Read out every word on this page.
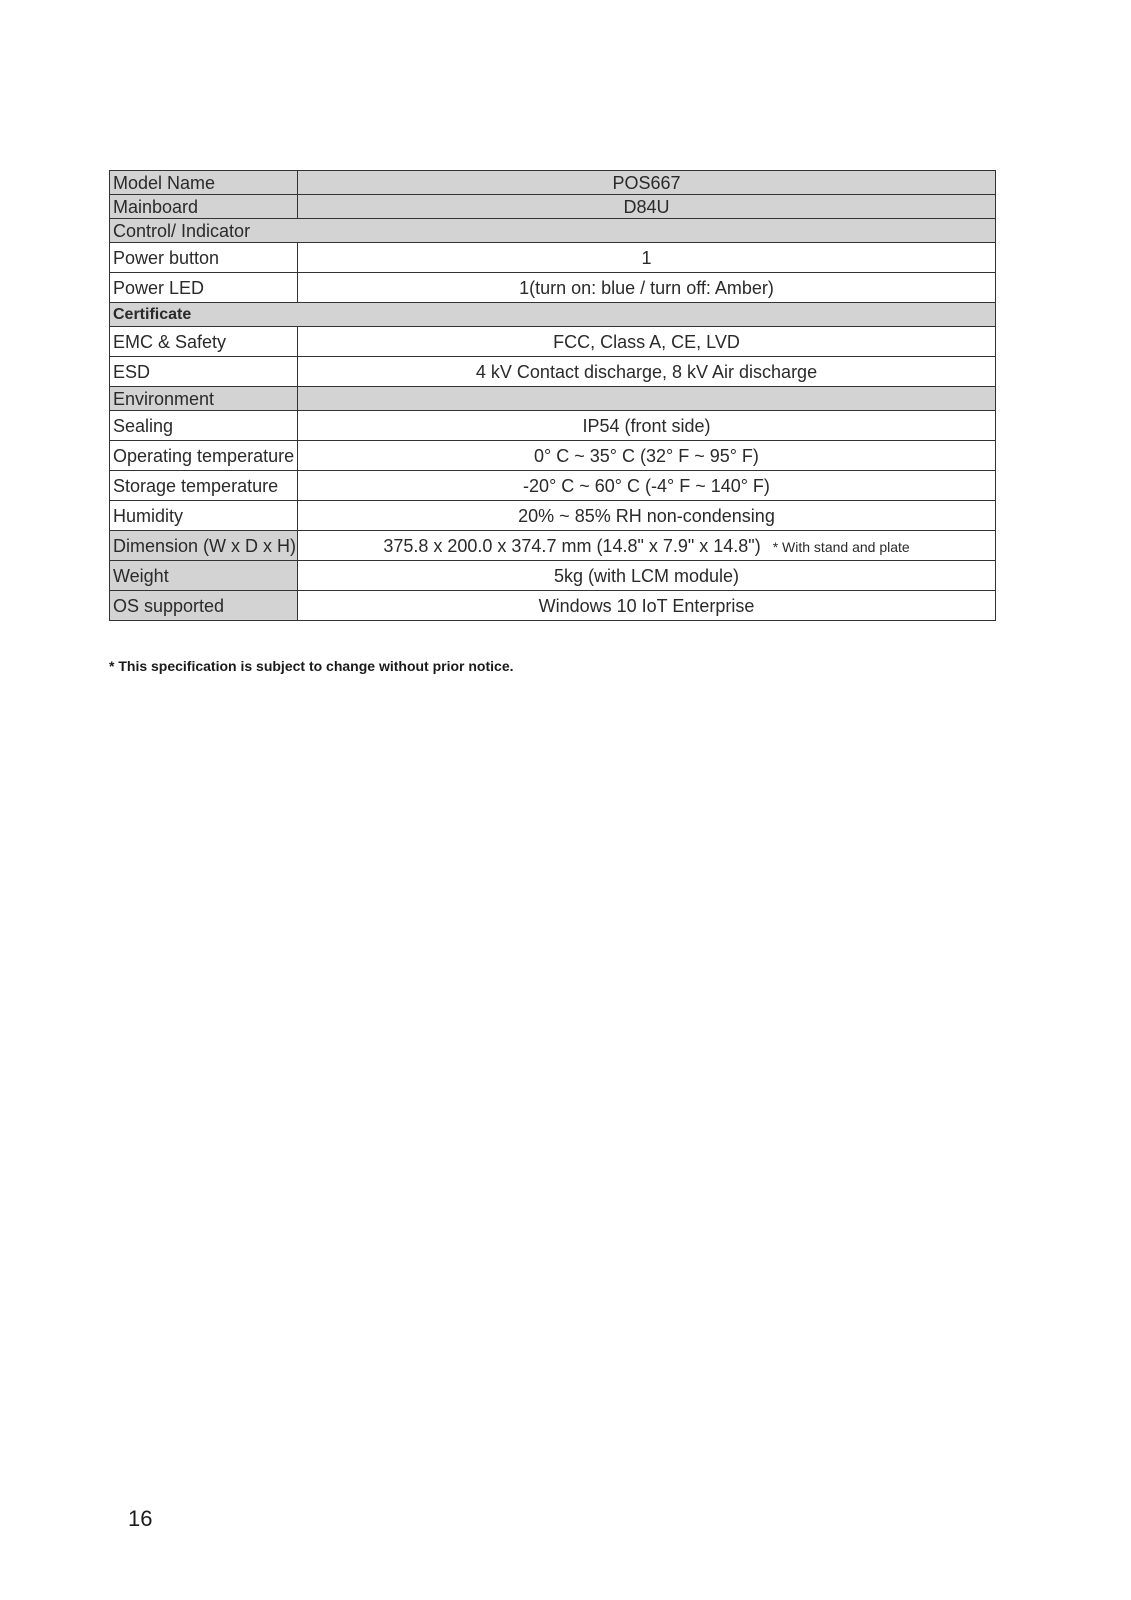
Model Name	POS667
Mainboard	D84U
Control/ Indicator	
Power button	1
Power LED	1(turn on: blue / turn off: Amber)
Certificate	
EMC & Safety	FCC, Class A, CE, LVD
ESD	4 kV Contact discharge, 8 kV Air discharge
Environment	
Sealing	IP54 (front side)
Operating temperature	0° C ~ 35° C (32° F ~ 95° F)
Storage temperature	-20° C ~ 60° C (-4° F ~ 140° F)
Humidity	20% ~ 85% RH non-condensing
Dimension (W x D x H)	375.8 x 200.0 x 374.7 mm (14.8" x 7.9" x 14.8") * With stand and plate
Weight	5kg (with LCM module)
OS supported	Windows 10 IoT Enterprise

* This specification is subject to change without prior notice.

16
